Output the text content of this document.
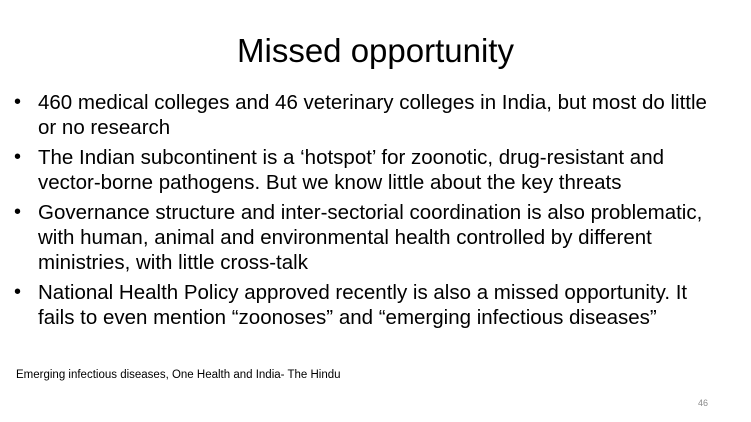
Missed opportunity
• 460 medical colleges and 46 veterinary colleges in India, but most do little or no research
• The Indian subcontinent is a ‘hotspot’ for zoonotic, drug-resistant and vector-borne pathogens. But we know little about the key threats
• Governance structure and inter-sectorial coordination is also problematic, with human, animal and environmental health controlled by different ministries, with little cross-talk
• National Health Policy approved recently is also a missed opportunity. It fails to even mention “zoonoses” and “emerging infectious diseases”
Emerging infectious diseases, One Health and India- The Hindu
46
